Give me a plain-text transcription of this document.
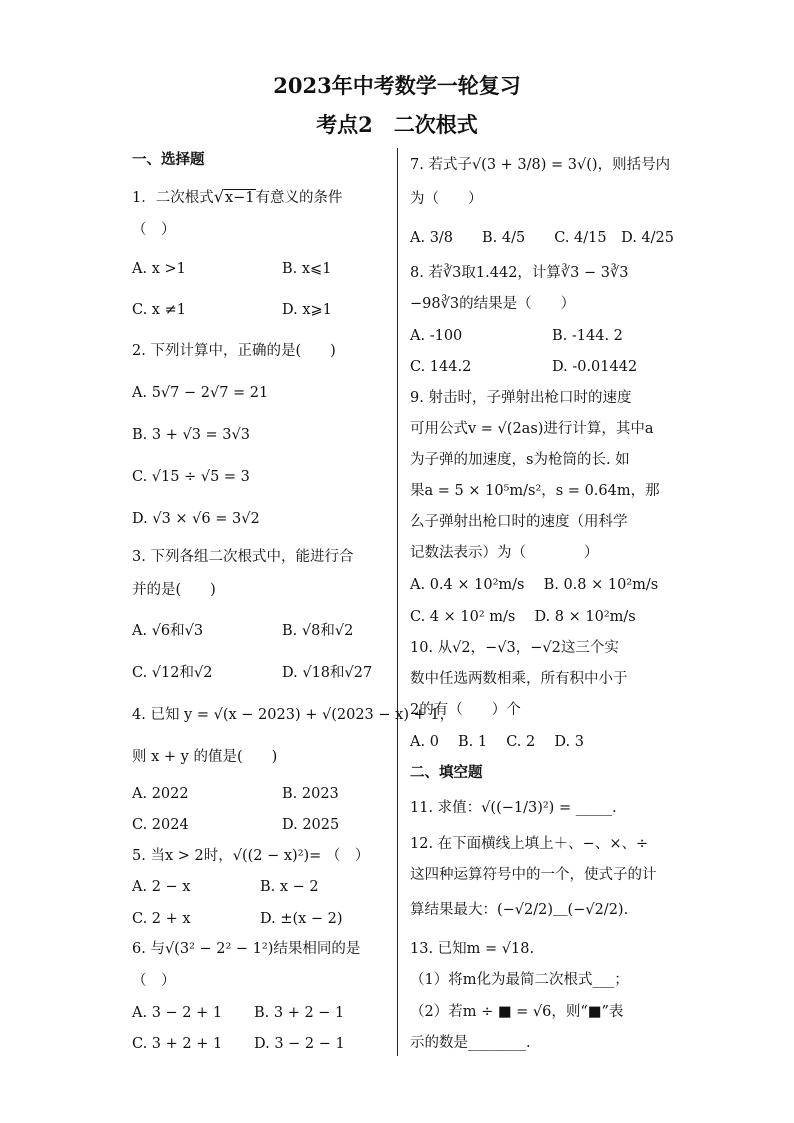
2023年中考数学一轮复习
考点2　二次根式
一、选择题
1．二次根式√x−1有意义的条件
（　）
A. x >1	B. x⩽1
C. x ≠1	D. x⩾1
2. 下列计算中，正确的是(　　)
A. 5√7 − 2√7 = 21
B. 3 + √3 = 3√3
C. √15 ÷ √5 = 3
D. √3 × √6 = 3√2
3. 下列各组二次根式中，能进行合
并的是(　　)
A. √6和√3	B. √8和√2
C. √12和√2	D. √18和√27
4. 已知 y = √(x − 2023) + √(2023 − x) + 1，
则 x + y 的值是(　　)
A. 2022	B. 2023
C. 2024	D. 2025
5. 当x > 2时，√((2 − x)²)= （　）
A. 2 − x	B. x − 2
C. 2 + x	D. ±(x − 2)
6. 与√(3² − 2² − 1²)结果相同的是
（　）
A. 3 − 2 + 1 B. 3 + 2 − 1
C. 3 + 2 + 1 D. 3 − 2 − 1
7. 若式子√(3 + 3/8) = 3√()，则括号内
为（　　）
A. 3/8　　B. 4/5　　C. 4/15　D. 4/25
8. 若∛3取1.442，计算∛3 − 3∛3
−98∛3的结果是（　　）
A. -100	B. -144. 2
C. 144.2	D. -0.01442
9. 射击时，子弹射出枪口时的速度
可用公式v = √(2as)进行计算，其中a
为子弹的加速度，s为枪筒的长. 如
果a = 5 × 10⁵m/s²，s = 0.64m，那
么子弹射出枪口时的速度（用科学
记数法表示）为（　　　　）
A. 0.4 × 10²m/s　 B. 0.8 × 10²m/s
C. 4 × 10² m/s　 D. 8 × 10²m/s
10. 从√2，−√3，−√2这三个实
数中任选两数相乘，所有积中小于
2的有（　　）个
A. 0　 B. 1　 C. 2　 D. 3
二、填空题
11. 求值：√((−1/3)²) = _____.
12. 在下面横线上填上＋、−、×、÷
这四种运算符号中的一个，使式子的计
算结果最大：(−√2/2)＿(−√2/2).
13. 已知m = √18.
（1）将m化为最简二次根式___；
（2）若m ÷ ■ = √6，则“■”表
示的数是________.
